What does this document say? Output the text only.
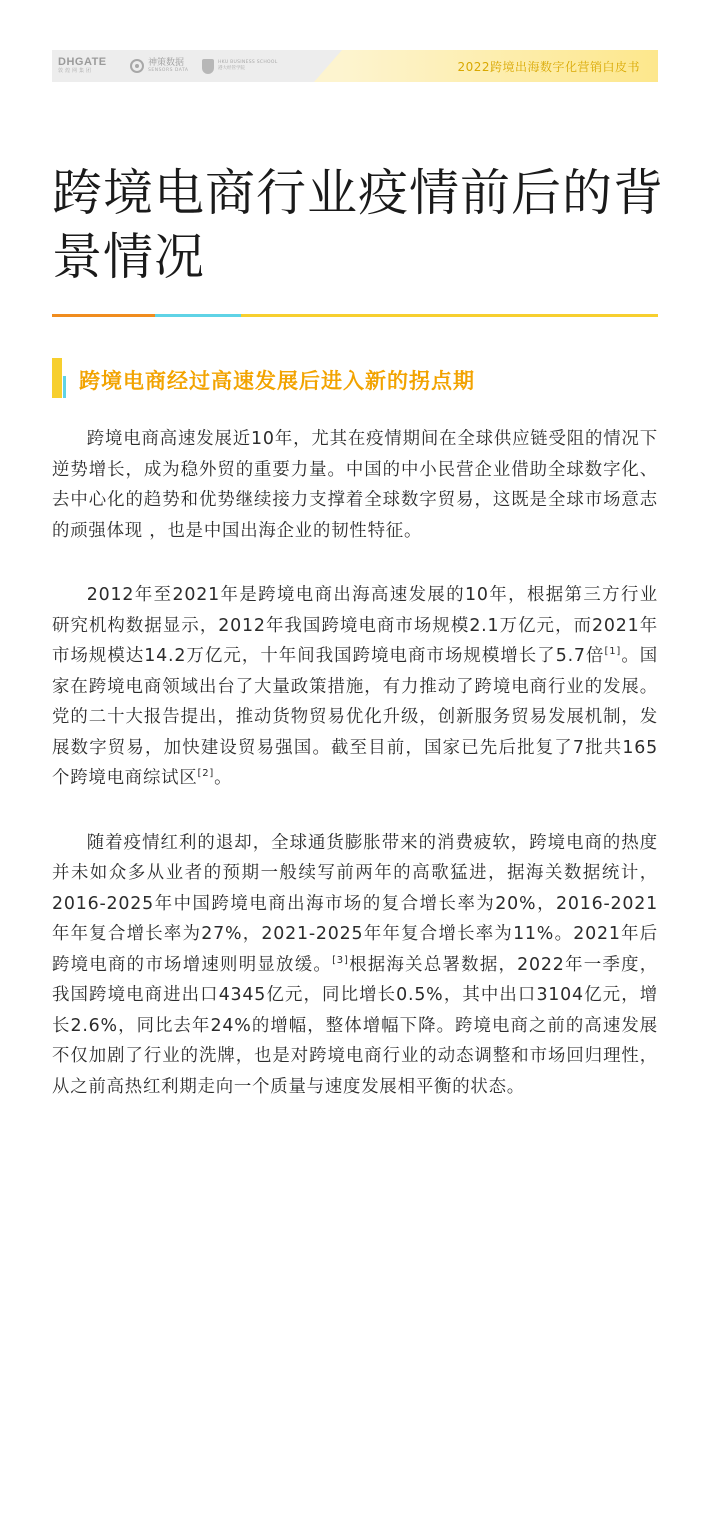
2022跨境出海数字化营销白皮书
DHGATE
敦煌网集团
神策数据
SENSORS DATA
HKU BUSINESS SCHOOL
港大经管学院
跨境电商行业疫情前后的背景情况
跨境电商经过高速发展后进入新的拐点期

跨境电商高速发展近10年，尤其在疫情期间在全球供应链受阻的情况下逆势增长，成为稳外贸的重要力量。中国的中小民营企业借助全球数字化、去中心化的趋势和优势继续接力支撑着全球数字贸易，这既是全球市场意志的顽强体现 ，也是中国出海企业的韧性特征。

2012年至2021年是跨境电商出海高速发展的10年，根据第三方行业研究机构数据显示，2012年我国跨境电商市场规模2.1万亿元，而2021年市场规模达14.2万亿元，十年间我国跨境电商市场规模增长了5.7倍[1]。国家在跨境电商领域出台了大量政策措施，有力推动了跨境电商行业的发展。党的二十大报告提出，推动货物贸易优化升级，创新服务贸易发展机制，发展数字贸易，加快建设贸易强国。截至目前，国家已先后批复了7批共165个跨境电商综试区[2]。

随着疫情红利的退却，全球通货膨胀带来的消费疲软，跨境电商的热度并未如众多从业者的预期一般续写前两年的高歌猛进，据海关数据统计，2016-2025年中国跨境电商出海市场的复合增长率为20%，2016-2021年年复合增长率为27%，2021-2025年年复合增长率为11%。2021年后跨境电商的市场增速则明显放缓。[3]根据海关总署数据，2022年一季度，我国跨境电商进出口4345亿元，同比增长0.5%，其中出口3104亿元，增长2.6%，同比去年24%的增幅，整体增幅下降。跨境电商之前的高速发展不仅加剧了行业的洗牌，也是对跨境电商行业的动态调整和市场回归理性，从之前高热红利期走向一个质量与速度发展相平衡的状态。
